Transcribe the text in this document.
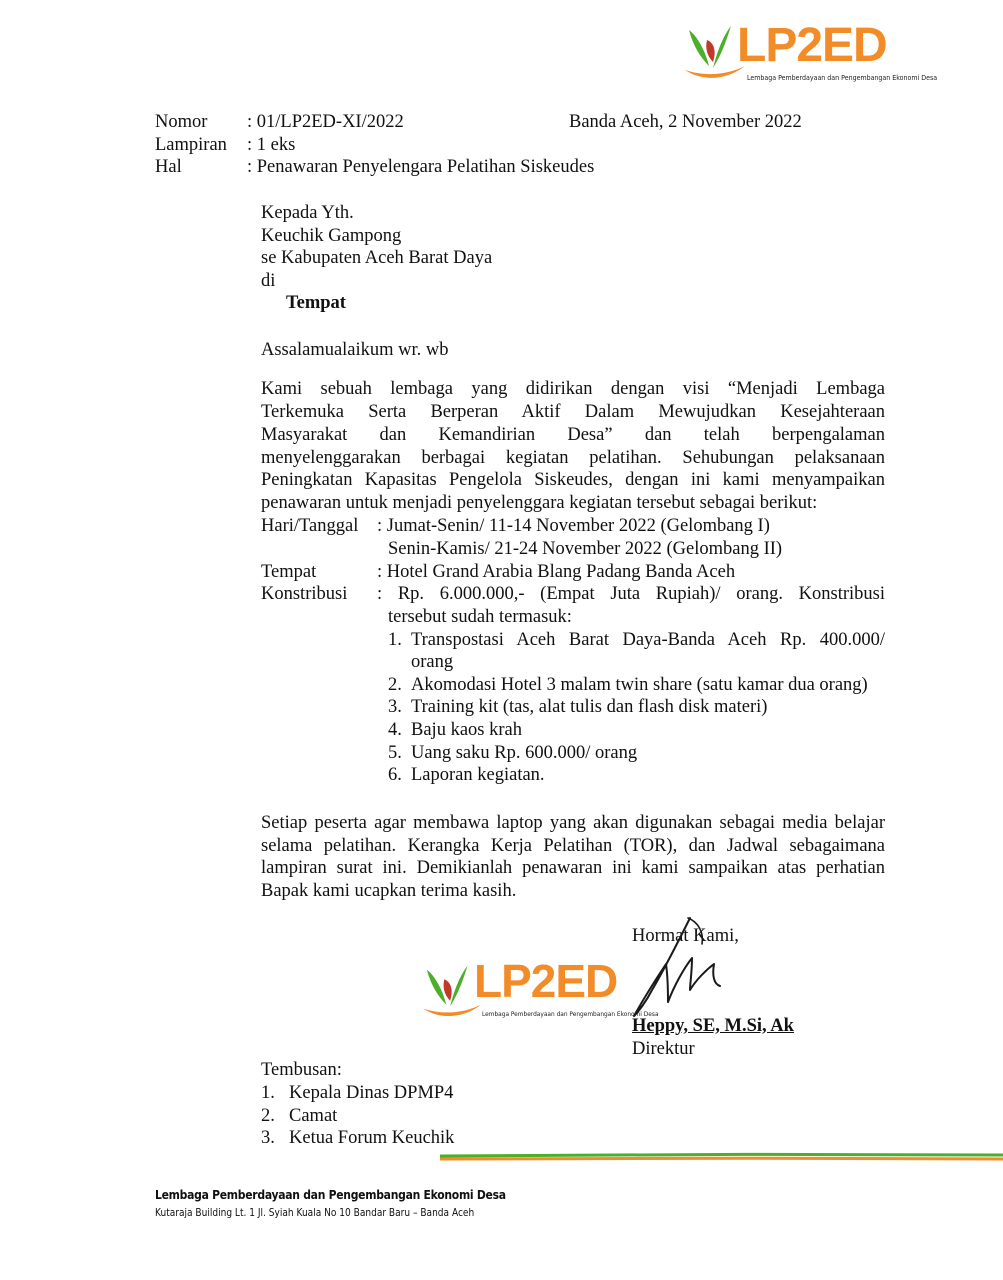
LP2ED
Lembaga Pemberdayaan dan Pengembangan Ekonomi Desa
Nomor : 01/LP2ED-XI/2022	Banda Aceh, 2 November 2022
Lampiran : 1 eks
Hal	: Penawaran Penyelengara Pelatihan Siskeudes
Kepada Yth.
Keuchik Gampong
se Kabupaten Aceh Barat Daya
di
Tempat
Assalamualaikum wr. wb
Kami sebuah lembaga yang didirikan dengan visi “Menjadi Lembaga
Terkemuka Serta Berperan Aktif Dalam Mewujudkan Kesejahteraan
Masyarakat dan Kemandirian Desa” dan telah berpengalaman
menyelenggarakan berbagai kegiatan pelatihan. Sehubungan pelaksanaan
Peningkatan Kapasitas Pengelola Siskeudes, dengan ini kami menyampaikan
penawaran untuk menjadi penyelenggara kegiatan tersebut sebagai berikut:
Hari/Tanggal : Jumat-Senin/ 11-14 November 2022 (Gelombang I)
Senin-Kamis/ 21-24 November 2022 (Gelombang II)
Tempat	: Hotel Grand Arabia Blang Padang Banda Aceh
Konstribusi : Rp. 6.000.000,- (Empat Juta Rupiah)/ orang. Konstribusi
tersebut sudah termasuk:
1. Transpostasi Aceh Barat Daya-Banda Aceh Rp. 400.000/
orang
2. Akomodasi Hotel 3 malam twin share (satu kamar dua orang)
3. Training kit (tas, alat tulis dan flash disk materi)
4. Baju kaos krah
5. Uang saku Rp. 600.000/ orang
6. Laporan kegiatan.
Setiap peserta agar membawa laptop yang akan digunakan sebagai media belajar
selama pelatihan. Kerangka Kerja Pelatihan (TOR), dan Jadwal sebagaimana
lampiran surat ini. Demikianlah penawaran ini kami sampaikan atas perhatian
Bapak kami ucapkan terima kasih.
Hormat Kami,
LP2ED
Lembaga Pemberdayaan dan Pengembangan Ekonomi Desa
Heppy, SE, M.Si, Ak
Direktur
Tembusan:
1. Kepala Dinas DPMP4
2. Camat
3. Ketua Forum Keuchik
Lembaga Pemberdayaan dan Pengembangan Ekonomi Desa
Kutaraja Building Lt. 1 Jl. Syiah Kuala No 10 Bandar Baru – Banda Aceh
